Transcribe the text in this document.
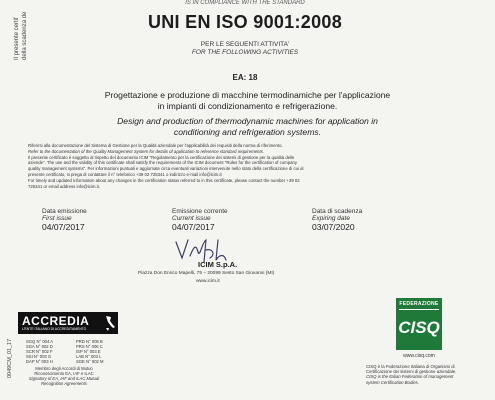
IS IN COMPLIANCE WITH THE STANDARD
Il presente certif della scadenza de	UNI EN ISO 9001:2008
PER LE SEGUENTI ATTIVITA'
FOR THE FOLLOWING ACTIVITIES
EA: 18
Progettazione e produzione di macchine termodinamiche per l'applicazione
in impianti di condizionamento e refrigerazione.
Design and production of thermodynamic machines for application in
conditioning and refrigeration systems.
Riferirsi alla documentazione del Sistema di Gestione per la Qualità aziendale per l'applicabilità dei requisiti della norma di riferimento.
Refer to the documentation of the Quality Management System for details of application to reference standard requirements.
Il presente certificato è soggetto al rispetto del documento ICIM "Regolamento per la certificazione dei sistemi di gestione per la qualità delle
aziende". The use and the validity of this certificate shall satisfy the requirements of the ICIM document "Rules for the certification of company
quality management systems". Per informazioni puntuali e aggiornate circa eventuali variazioni intervenute nello stato della certificazione di cui al
presente certificato, si prega di contattare il n° telefonico +39 02 725341 o indirizzo e-mail info@icim.it
For timely and updated information about any changes in the certification status referred to in this certificate, please contact the number +39 02
725341 or email address info@icim.it.
Data emissione
First issue
04/07/2017
Emissione corrente
Current issue
04/07/2017
Data di scadenza
Expiring date
03/07/2020
ICIM S.p.A.
Piazza Don Enrico Mapelli, 75 – 20099 Sesto San Giovanni (MI)
www.icim.it
0049CM_01_17
ACCREDIA
L'ENTE ITALIANO DI ACCREDITAMENTO
SGQ N° 004 A
SGA N° 002 D
SCR N° 002 F
SSI N° 003 G
DAP N° 003 H
PRD N° 005 B
PRS N° 006 C
ISP N° 003 E
LAB N° 003 L
SGE N° 002 M
Membro degli Accordi di Mutuo
Riconoscimento EA, IAF e ILAC
Signatory of EA, IAF and ILAC Mutual
Recognition Agreements
FEDERAZIONE
CISQ
www.cisq.com
CISQ è la Federazione Italiana di Organismi di
Certificazione dei sistemi di gestione aziendale.
CISQ is the Italian Federation of management
system Certification Bodies.
